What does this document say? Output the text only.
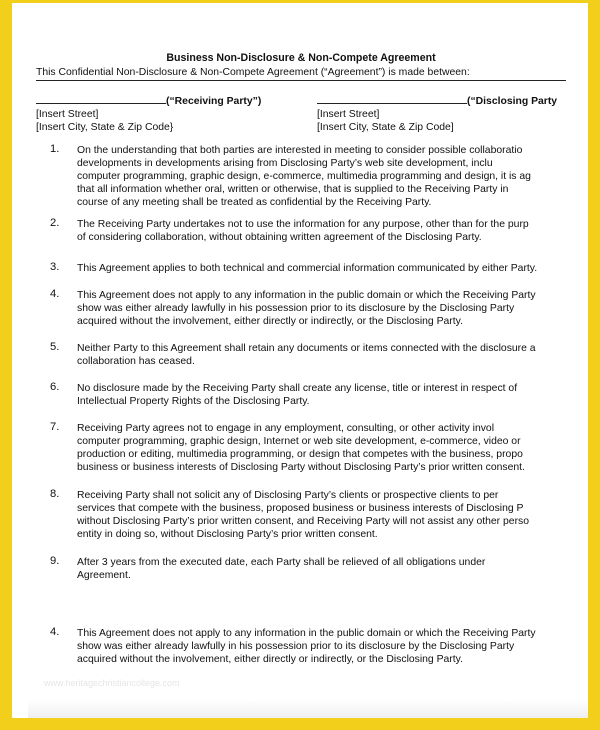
Business Non-Disclosure & Non-Compete Agreement
This Confidential Non-Disclosure & Non-Compete Agreement (“Agreement”) is made between:
(“Receiving Party”)
[Insert Street]
[Insert City, State & Zip Code}
(“Disclosing Party
[Insert Street]
[Insert City, State & Zip Code]
1. On the understanding that both parties are interested in meeting to consider possible collaboratio
developments in developments arising from Disclosing Party’s web site development, inclu
computer programming, graphic design, e-commerce, multimedia programming and design, it is ag
that all information whether oral, written or otherwise, that is supplied to the Receiving Party in
course of any meeting shall be treated as confidential by the Receiving Party.
2. The Receiving Party undertakes not to use the information for any purpose, other than for the purp
of considering collaboration, without obtaining written agreement of the Disclosing Party.
3. This Agreement applies to both technical and commercial information communicated by either Party.
4. This Agreement does not apply to any information in the public domain or which the Receiving Party
show was either already lawfully in his possession prior to its disclosure by the Disclosing Party
acquired without the involvement, either directly or indirectly, or the Disclosing Party.
5. Neither Party to this Agreement shall retain any documents or items connected with the disclosure a
collaboration has ceased.
6. No disclosure made by the Receiving Party shall create any license, title or interest in respect of
Intellectual Property Rights of the Disclosing Party.
7. Receiving Party agrees not to engage in any employment, consulting, or other activity invol
computer programming, graphic design, Internet or web site development, e-commerce, video or
production or editing, multimedia programming, or design that competes with the business, propo
business or business interests of Disclosing Party without Disclosing Party’s prior written consent.
8. Receiving Party shall not solicit any of Disclosing Party’s clients or prospective clients to per
services that compete with the business, proposed business or business interests of Disclosing P
without Disclosing Party’s prior written consent, and Receiving Party will not assist any other perso
entity in doing so, without Disclosing Party’s prior written consent.
9. After 3 years from the executed date, each Party shall be relieved of all obligations under
Agreement.
4. This Agreement does not apply to any information in the public domain or which the Receiving Party
show was either already lawfully in his possession prior to its disclosure by the Disclosing Party
acquired without the involvement, either directly or indirectly, or the Disclosing Party.
www.heritagechristiancollege.com
